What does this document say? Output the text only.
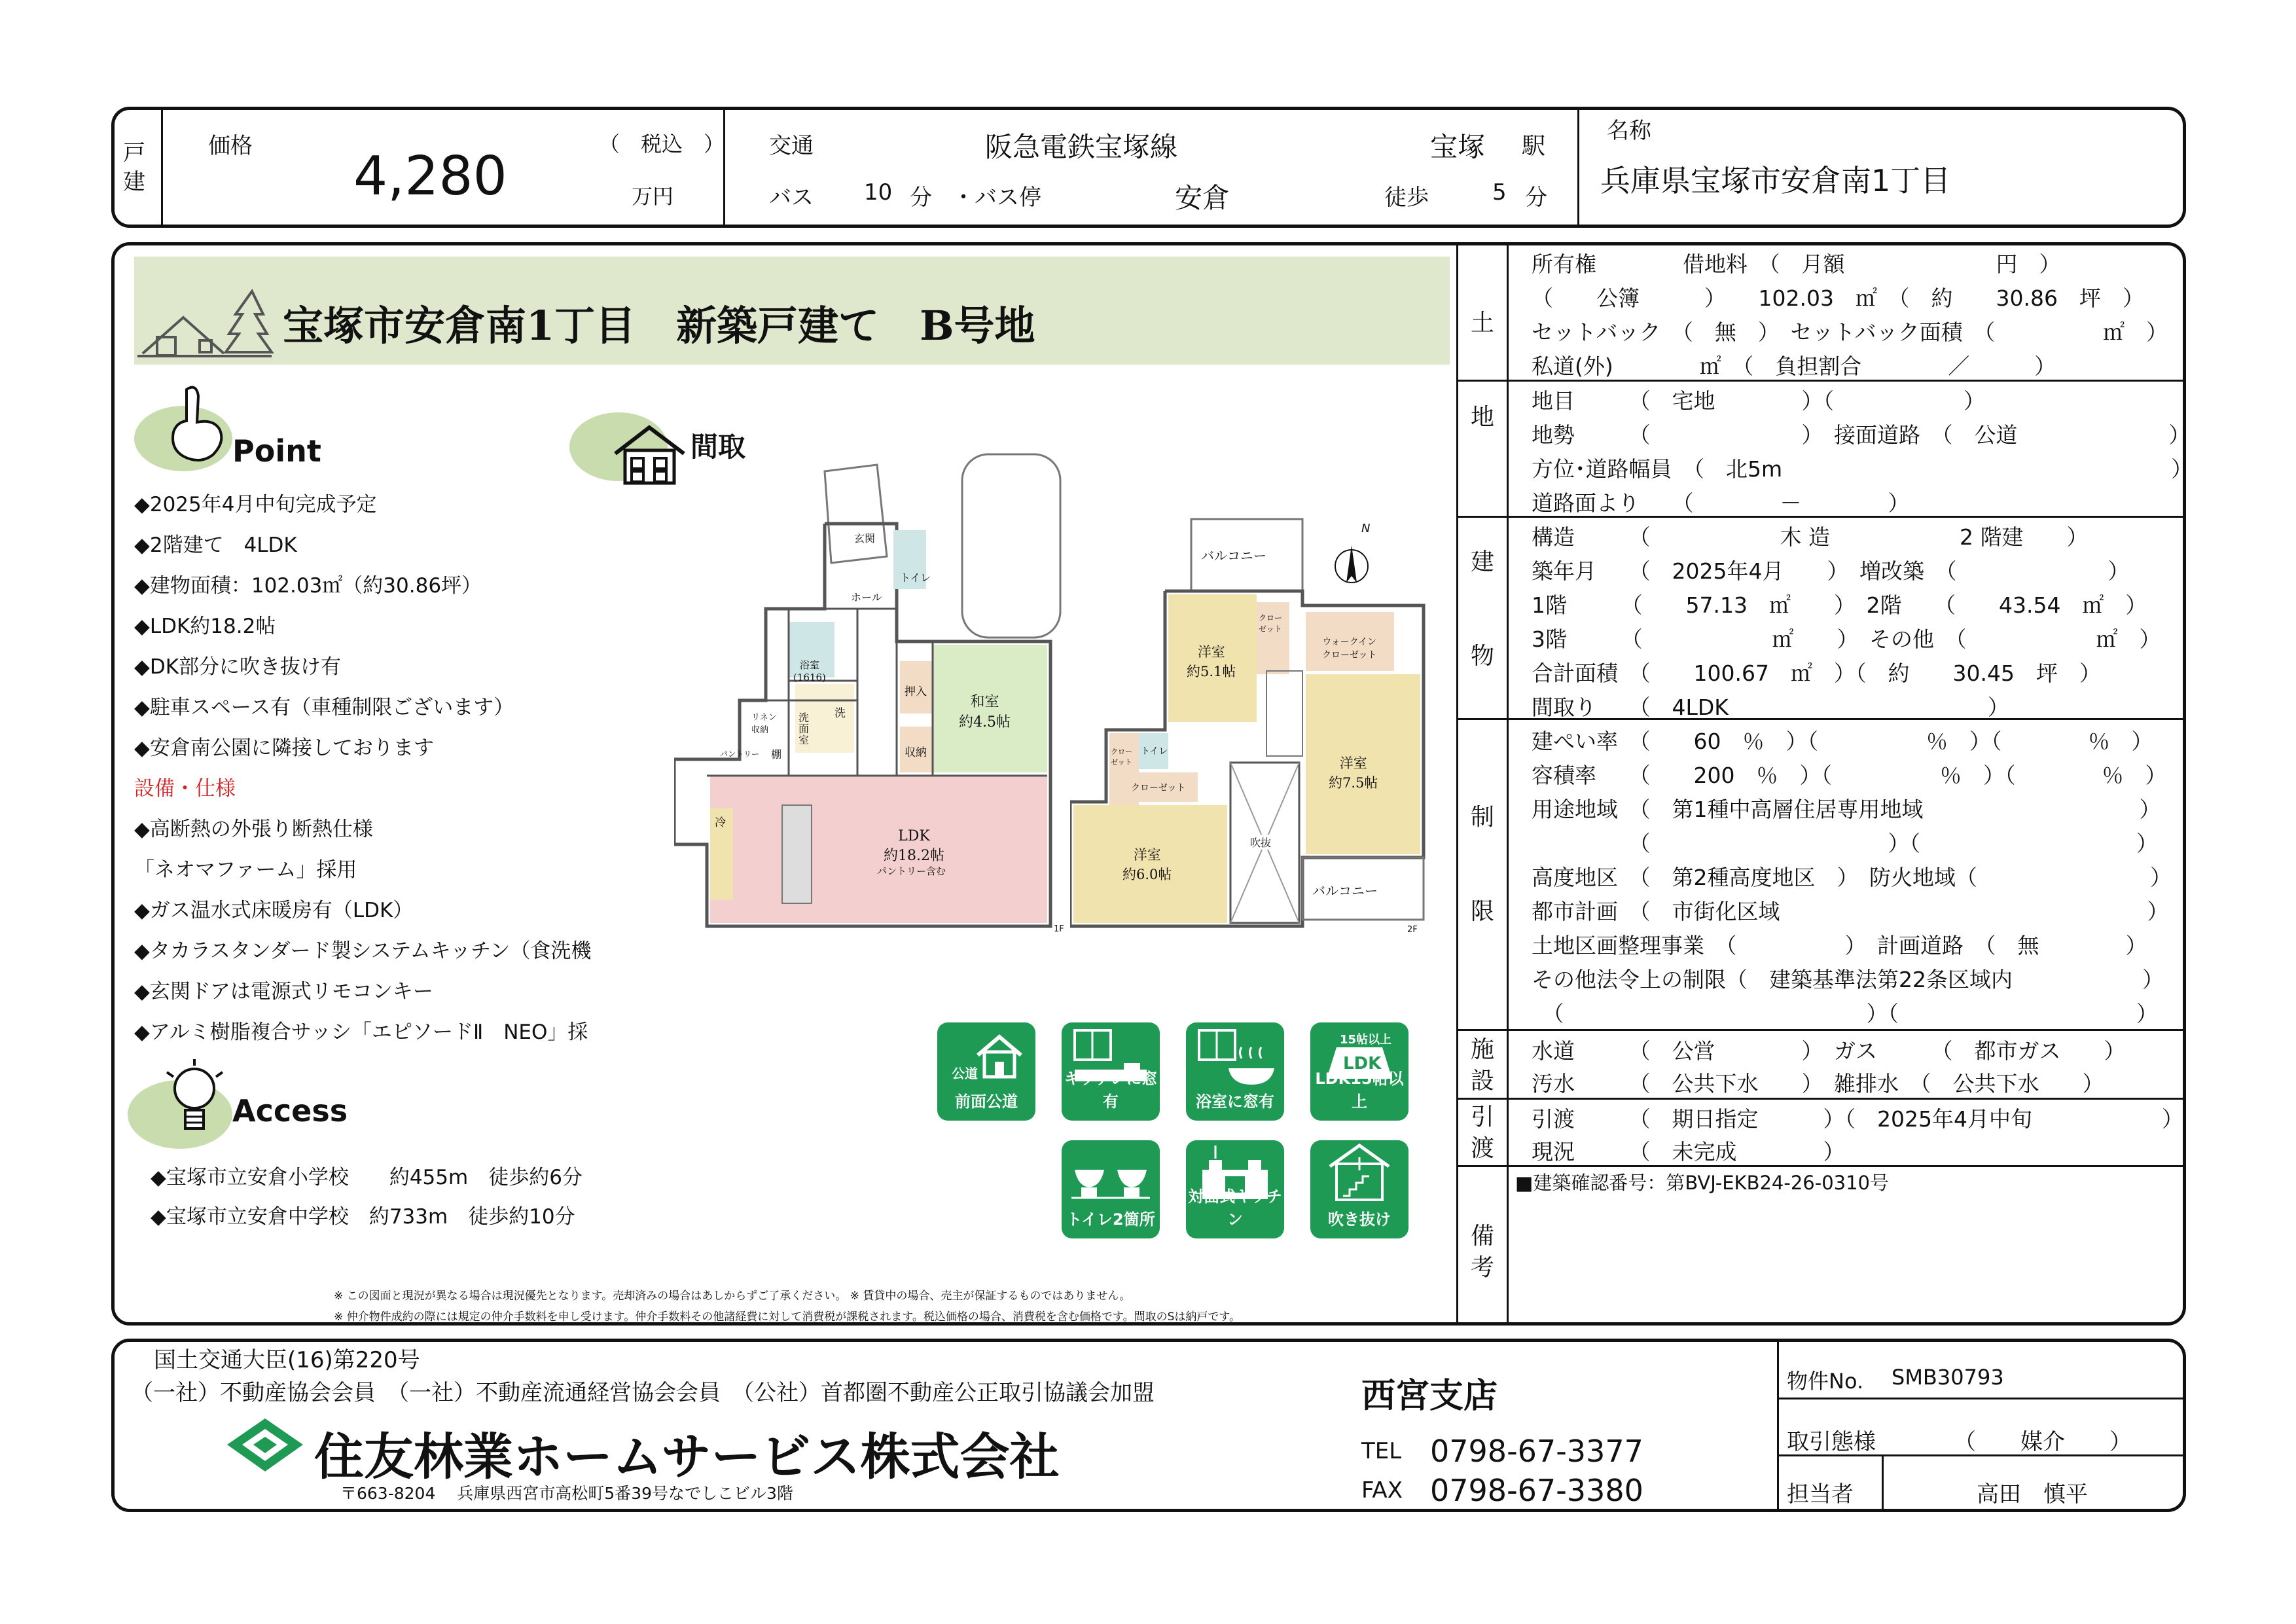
戸
建
価格 4,280
（　税込　）
万円
交通	阪急電鉄宝塚線	宝塚 駅
バス 10 分 ・バス停	安倉	徒歩	5 分
名称
兵庫県宝塚市安倉南1丁目
宝塚市安倉南1丁目　新築戸建て　B号地
Point
◆2025年4月中旬完成予定
◆2階建て　4LDK
◆建物面積：102.03㎡（約30.86坪）
◆LDK約18.2帖
◆DK部分に吹き抜け有
◆駐車スペース有（車種制限ございます）
◆安倉南公園に隣接しております
設備・仕様
◆高断熱の外張り断熱仕様
「ネオマファーム」採用
◆ガス温水式床暖房有（LDK）
◆タカラスタンダード製システムキッチン（食洗機
◆玄関ドアは電源式リモコンキー
◆アルミ樹脂複合サッシ「エピソードⅡ　NEO」採
Access
◆宝塚市立安倉小学校　　約455m　徒歩約6分
◆宝塚市立安倉中学校　約733m　徒歩約10分
間取
玄関
トイレ
ホール
浴室
(1616)
リネン
収納
洗
面
室
洗
棚
パントリー
押入
収納
和室
約4.5帖
冷
LDK
約18.2帖
パントリー含む
1F
N
バルコニー
洋室
約5.1帖
クロー
ゼット
ウォークイン
クローゼット
クロー
ゼット
トイレ
クローゼット
洋室
約7.5帖
洋室
約6.0帖
吹抜
バルコニー
2F
公道
前面公道
キッチンに窓有	浴室に窓有
15帖以上
LDK
LDK15帖以上
トイレ2箇所
対面式キッチン	吹き抜け
※ この図面と現況が異なる場合は現況優先となります。売却済みの場合はあしからずご了承ください。 ※ 賃貸中の場合、売主が保証するものではありません。
※ 仲介物件成約の際には規定の仲介手数料を申し受けます。仲介手数料その他諸経費に対して消費税が課税されます。税込価格の場合、消費税を含む価格です。間取のSは納戸です。
土

地
建

物
制

限
施
設
引
渡
備
考
所有権　　　　借地料　（　月額　　　　　　　円　）
（　　公簿　　　）　　102.03　㎡　（　約　　30.86　坪　）
セットバック　（　無　）　セットバック面積　（　　　　　㎡　）
私道(外)　　　　㎡　（　負担割合　　　　／　　　）
地目　　　（　宅地　　　　）（　　　　　　）
地勢　　　（　　　　　　　）　接面道路　（　公道　　　　　　　）
方位･道路幅員　（　北5m　　　　　　　　　　　　　　　　　　）
道路面より　　（　　　　－　　　　）
構造　　　（　　　　　　木 造　　　　　　2 階建　　）
築年月　　（　2025年4月　　）　増改築　（　　　　　　　）
1階　　　（　　57.13　㎡　　）　2階　　（　　43.54　㎡　）
3階　　　（　　　　　　㎡　　）　その他　（　　　　　　㎡　）
合計面積　（　　100.67　㎡　）（　約　　30.45　坪　）
間取り　　（　4LDK　　　　　　　　　　　　）
建ぺい率　（　　60　％　）（　　　　　％　）（　　　　％　）
容積率　　（　　200　％　）（　　　　　％　）（　　　　％　）
用途地域　（　第1種中高層住居専用地域　　　　　　　　　　）
　　　　　（　　　　　　　　　　　）（　　　　　　　　　　）
高度地区　（　第2種高度地区　）　防火地域（　　　　　　　　）
都市計画　（　市街化区域　　　　　　　　　　　　　　　　　）
土地区画整理事業　（　　　　　）　計画道路　（　無　　　　）
その他法令上の制限（　建築基準法第22条区域内　　　　　　）
　（　　　　　　　　　　　　　　）（　　　　　　　　　　　）
水道　　　（　公営　　　　）　ガス　　　（　都市ガス　　）
汚水　　　（　公共下水　　）　雑排水　（　公共下水　　）
引渡　　　（　期日指定　　　）（　2025年4月中旬　　　　　　）
現況　　　（　未完成　　　　）
■建築確認番号：第BVJ-EKB24-26-0310号
国土交通大臣(16)第220号
（一社）不動産協会会員　（一社）不動産流通経営協会会員　（公社）首都圏不動産公正取引協議会加盟
住友林業ホームサービス株式会社
〒663-8204　 兵庫県西宮市高松町5番39号なでしこビル3階
西宮支店
TEL 0798-67-3377
FAX 0798-67-3380
物件No. SMB30793
取引態様	（　　媒介　　）
担当者	高田　慎平
